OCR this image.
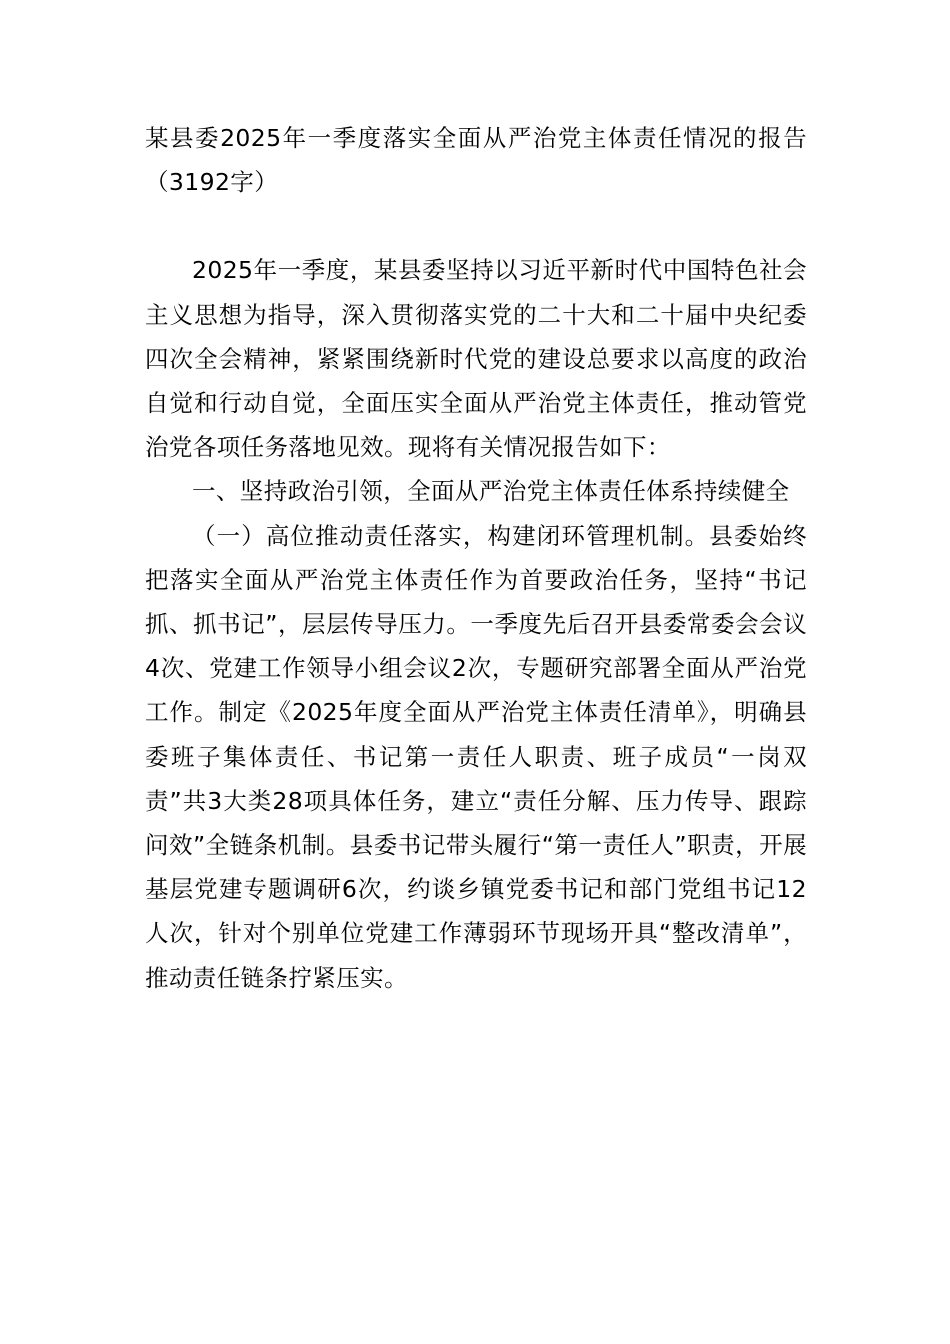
某县委2025年一季度落实全面从严治党主体责任情况的报告（3192字）

2025年一季度，某县委坚持以习近平新时代中国特色社会主义思想为指导，深入贯彻落实党的二十大和二十届中央纪委四次全会精神，紧紧围绕新时代党的建设总要求以高度的政治自觉和行动自觉，全面压实全面从严治党主体责任，推动管党治党各项任务落地见效。现将有关情况报告如下：

一、坚持政治引领，全面从严治党主体责任体系持续健全

（一）高位推动责任落实，构建闭环管理机制。县委始终把落实全面从严治党主体责任作为首要政治任务，坚持“书记抓、抓书记”，层层传导压力。一季度先后召开县委常委会会议4次、党建工作领导小组会议2次，专题研究部署全面从严治党工作。制定《2025年度全面从严治党主体责任清单》，明确县委班子集体责任、书记第一责任人职责、班子成员“一岗双责”共3大类28项具体任务，建立“责任分解、压力传导、跟踪问效”全链条机制。县委书记带头履行“第一责任人”职责，开展基层党建专题调研6次，约谈乡镇党委书记和部门党组书记12人次，针对个别单位党建工作薄弱环节现场开具“整改清单”，推动责任链条拧紧压实。
